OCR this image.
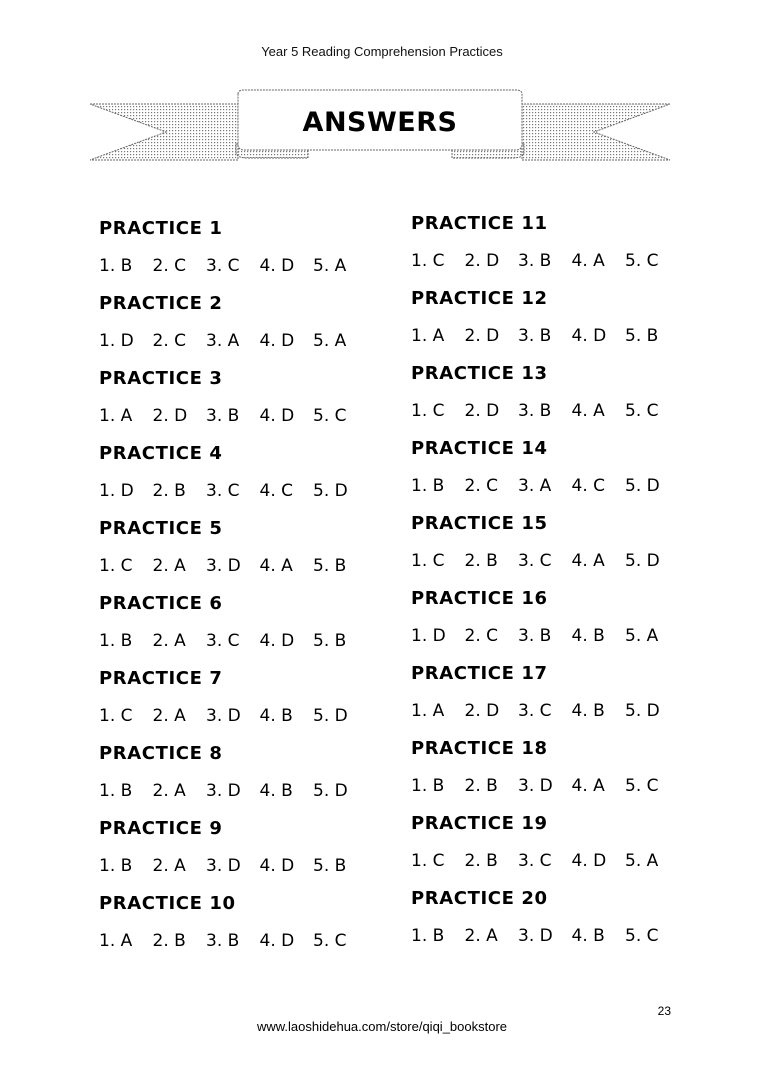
Year 5 Reading Comprehension Practices
ANSWERS
PRACTICE 1
1. B	2. C	3. C	4. D	5. A
PRACTICE 2
1. D	2. C	3. A	4. D	5. A
PRACTICE 3
1. A	2. D	3. B	4. D	5. C
PRACTICE 4
1. D	2. B	3. C	4. C	5. D
PRACTICE 5
1. C	2. A	3. D	4. A	5. B
PRACTICE 6
1. B	2. A	3. C	4. D	5. B
PRACTICE 7
1. C	2. A	3. D	4. B	5. D
PRACTICE 8
1. B	2. A	3. D	4. B	5. D
PRACTICE 9
1. B	2. A	3. D	4. D	5. B
PRACTICE 10
1. A	2. B	3. B	4. D	5. C
PRACTICE 11
1. C	2. D	3. B	4. A	5. C
PRACTICE 12
1. A	2. D	3. B	4. D	5. B
PRACTICE 13
1. C	2. D	3. B	4. A	5. C
PRACTICE 14
1. B	2. C	3. A	4. C	5. D
PRACTICE 15
1. C	2. B	3. C	4. A	5. D
PRACTICE 16
1. D	2. C	3. B	4. B	5. A
PRACTICE 17
1. A	2. D	3. C	4. B	5. D
PRACTICE 18
1. B	2. B	3. D	4. A	5. C
PRACTICE 19
1. C	2. B	3. C	4. D	5. A
PRACTICE 20
1. B	2. A	3. D	4. B	5. C
23
www.laoshidehua.com/store/qiqi_bookstore
